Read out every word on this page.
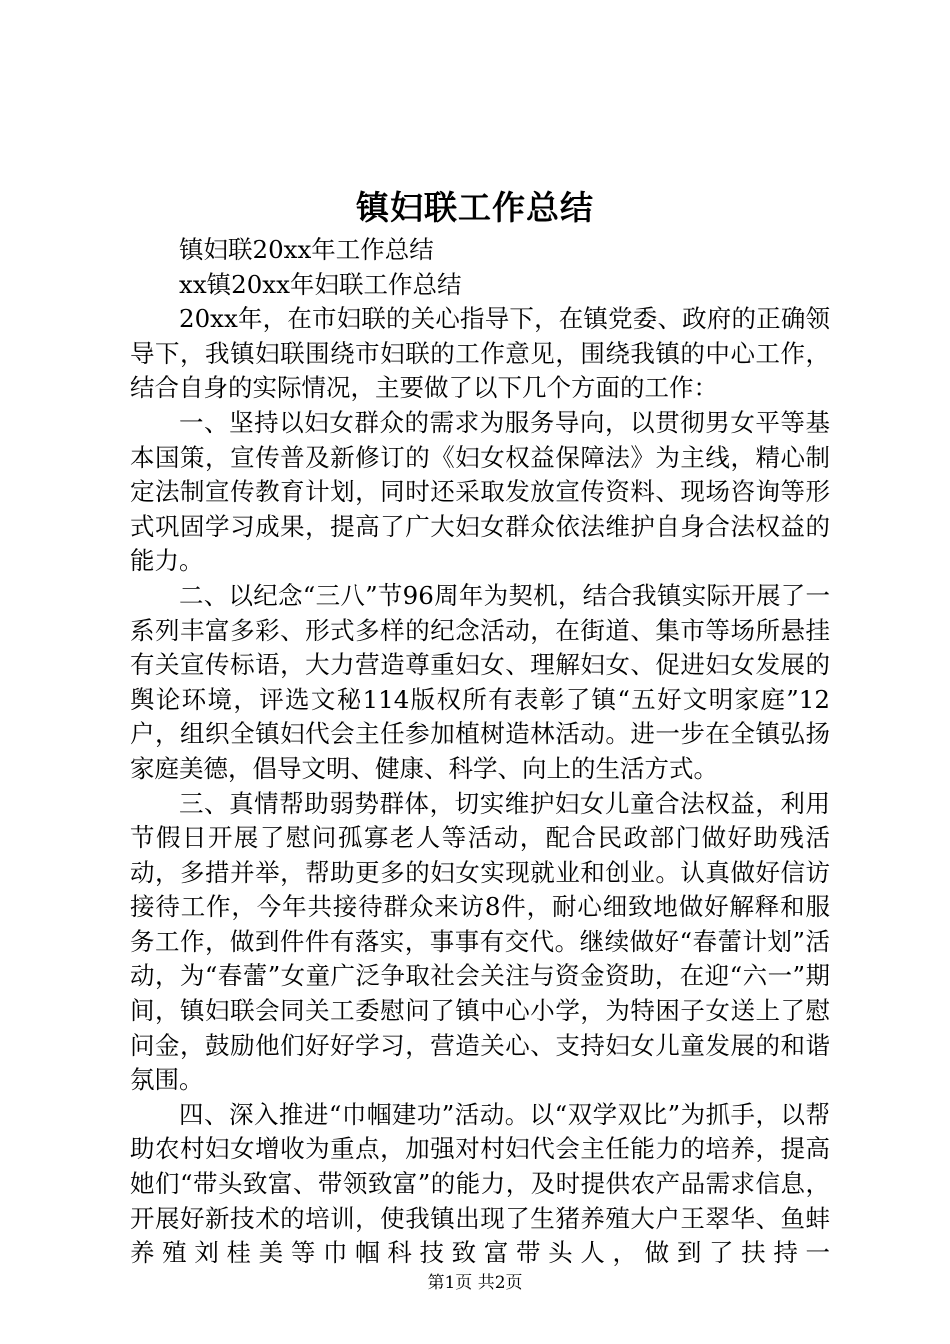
镇妇联工作总结

镇妇联20xx年工作总结

xx镇20xx年妇联工作总结

20xx年，在市妇联的关心指导下，在镇党委、政府的正确领导下，我镇妇联围绕市妇联的工作意见，围绕我镇的中心工作，结合自身的实际情况，主要做了以下几个方面的工作：

一、坚持以妇女群众的需求为服务导向，以贯彻男女平等基本国策，宣传普及新修订的《妇女权益保障法》为主线，精心制定法制宣传教育计划，同时还采取发放宣传资料、现场咨询等形式巩固学习成果，提高了广大妇女群众依法维护自身合法权益的能力。

二、以纪念“三八”节96周年为契机，结合我镇实际开展了一系列丰富多彩、形式多样的纪念活动，在街道、集市等场所悬挂有关宣传标语，大力营造尊重妇女、理解妇女、促进妇女发展的舆论环境，评选文秘114版权所有表彰了镇“五好文明家庭”12户，组织全镇妇代会主任参加植树造林活动。进一步在全镇弘扬家庭美德，倡导文明、健康、科学、向上的生活方式。

三、真情帮助弱势群体，切实维护妇女儿童合法权益，利用节假日开展了慰问孤寡老人等活动，配合民政部门做好助残活动，多措并举，帮助更多的妇女实现就业和创业。认真做好信访接待工作，今年共接待群众来访8件，耐心细致地做好解释和服务工作，做到件件有落实，事事有交代。继续做好“春蕾计划”活动，为“春蕾”女童广泛争取社会关注与资金资助，在迎“六一”期间，镇妇联会同关工委慰问了镇中心小学，为特困子女送上了慰问金，鼓励他们好好学习，营造关心、支持妇女儿童发展的和谐氛围。

四、深入推进“巾帼建功”活动。以“双学双比”为抓手，以帮助农村妇女增收为重点，加强对村妇代会主任能力的培养，提高她们“带头致富、带领致富”的能力，及时提供农产品需求信息，开展好新技术的培训，使我镇出现了生猪养殖大户王翠华、鱼蚌养殖刘桂美等巾帼科技致富带头人，做到了扶持一

第1页 共2页
